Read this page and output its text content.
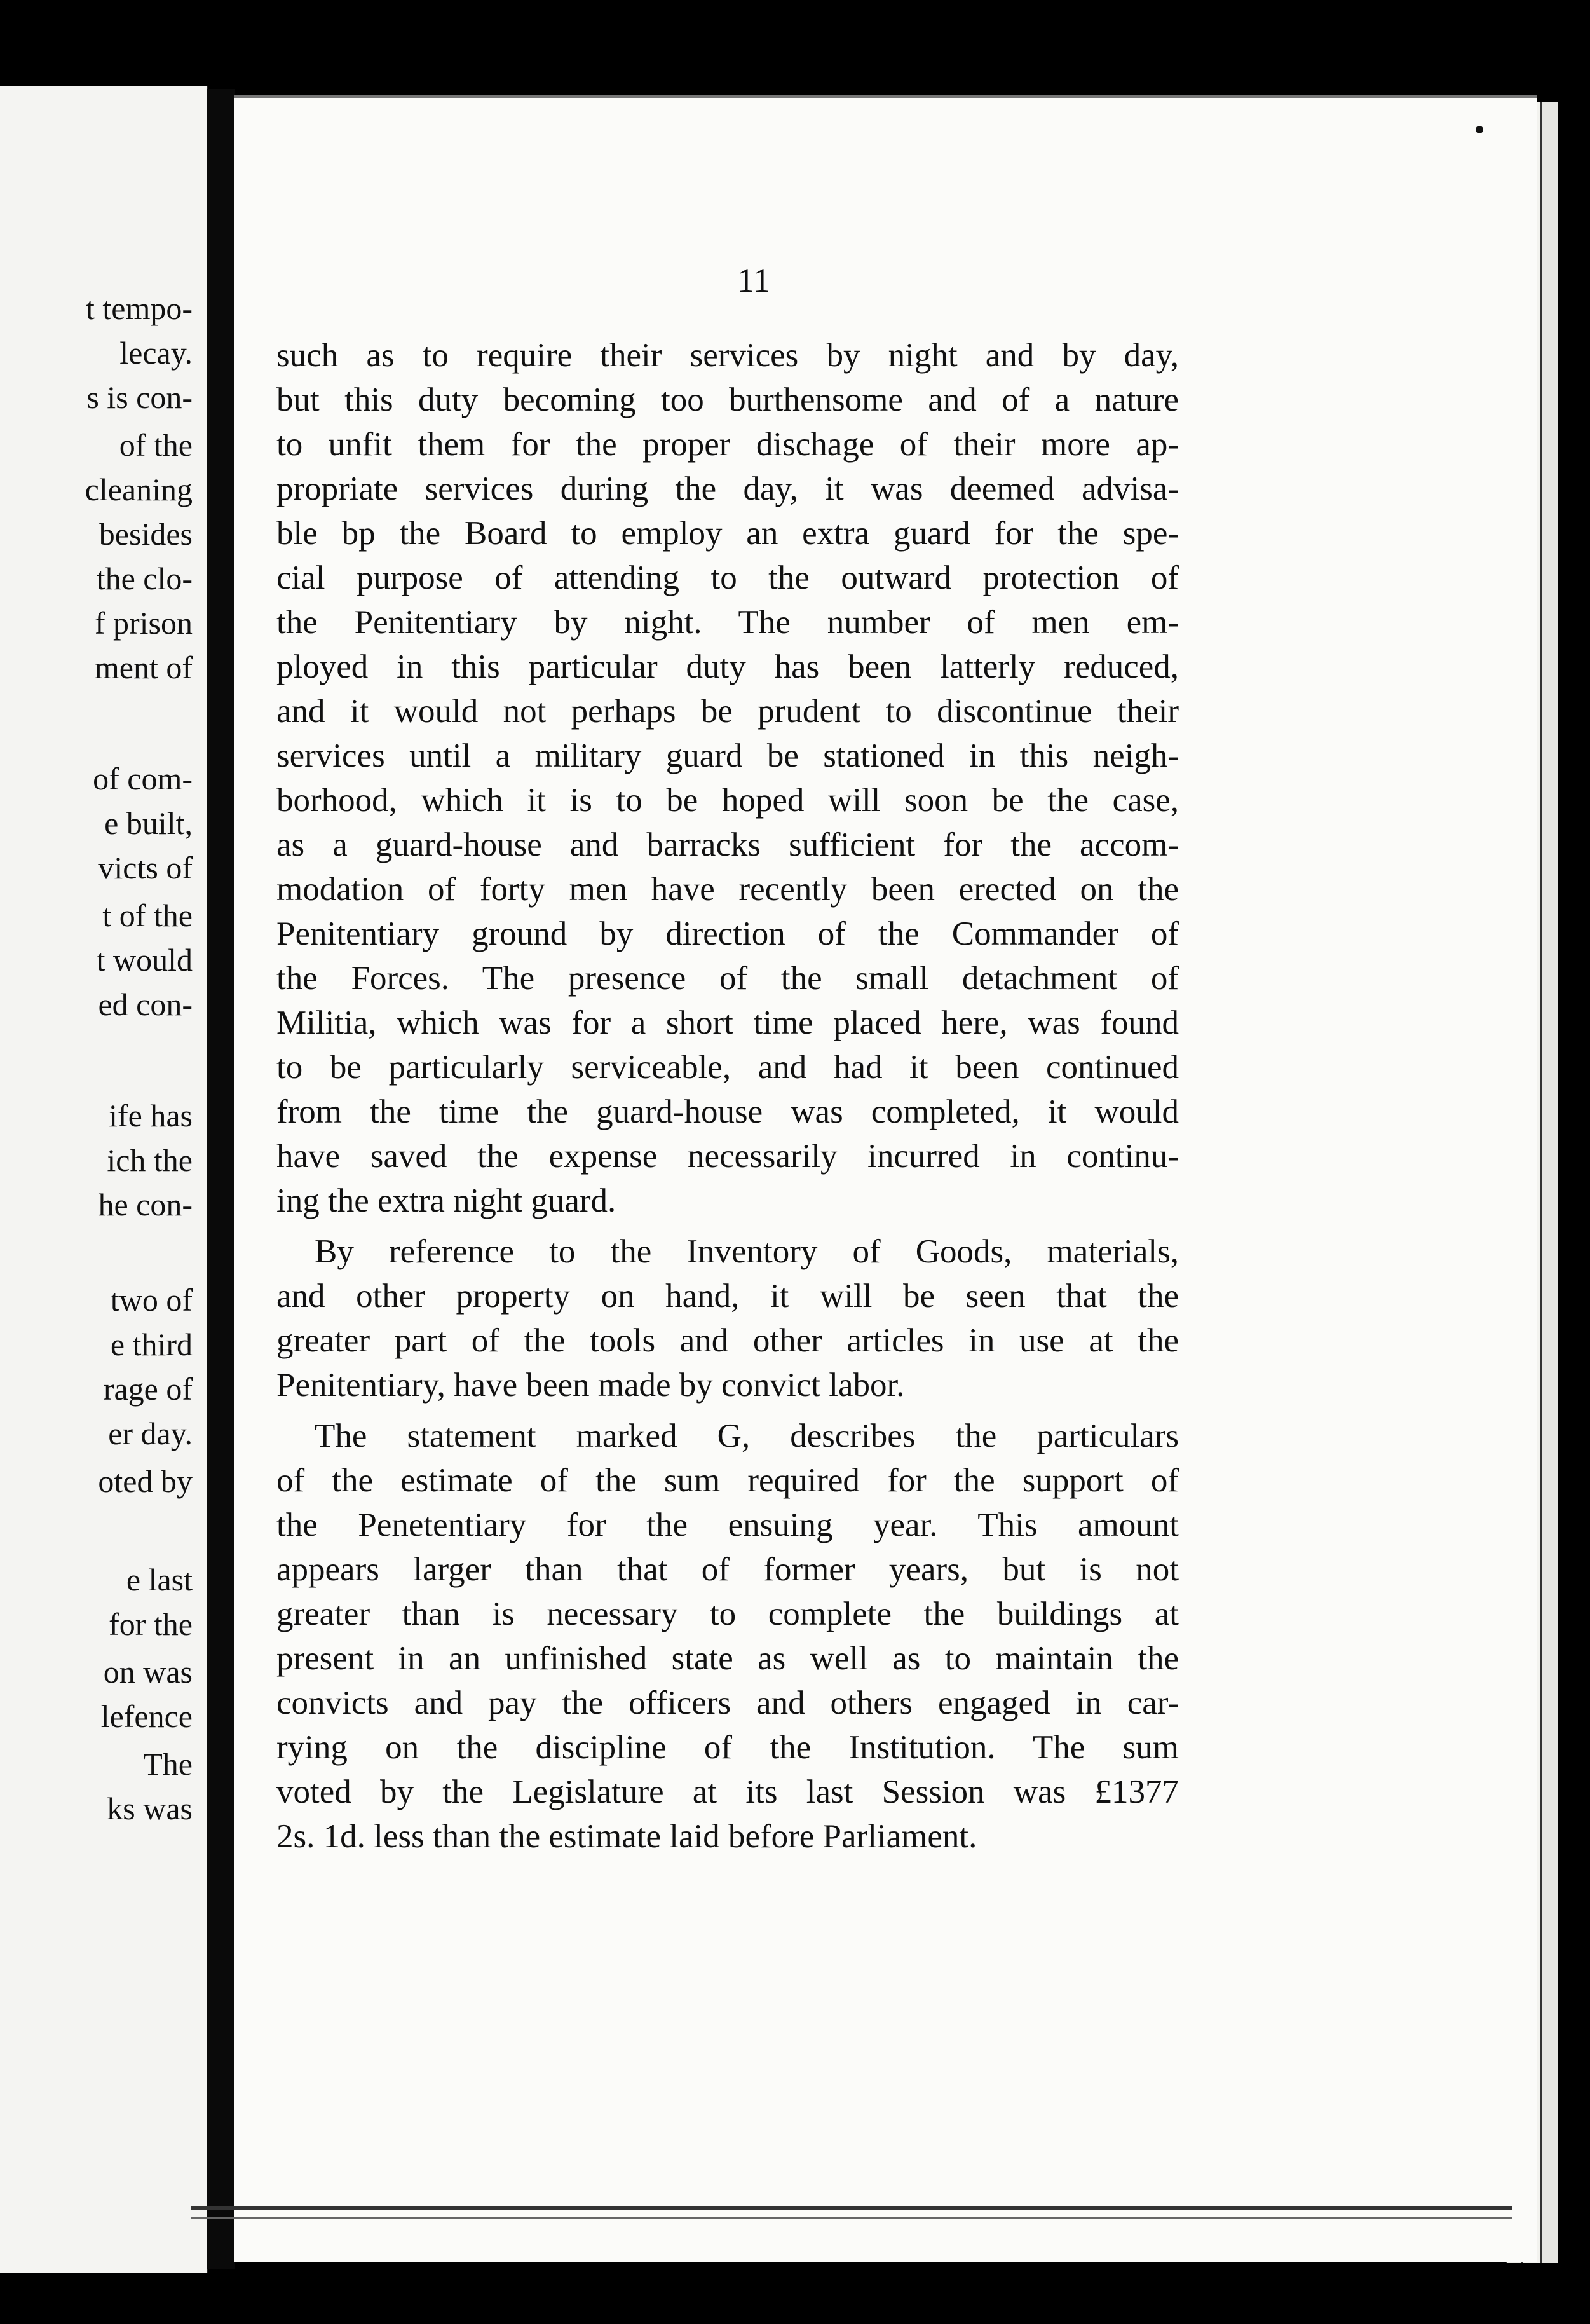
t tempo-
lecay.
s is con-
of the
cleaning
besides
the clo-
f prison
ment of
of com-
e built,
victs of
t of the
t would
ed con-
ife has
ich the
he con-
two of
e third
rage of
er day.
oted by
e last
for the
on was
lefence
The
ks was
11
such as to require their services by night and by day,
but this duty becoming too burthensome and of a nature
to unfit them for the proper dischage of their more ap-
propriate services during the day, it was deemed advisa-
ble bp the Board to employ an extra guard for the spe-
cial purpose of attending to the outward protection of
the Penitentiary by night. The number of men em-
ployed in this particular duty has been latterly reduced,
and it would not perhaps be prudent to discontinue their
services until a military guard be stationed in this neigh-
borhood, which it is to be hoped will soon be the case,
as a guard-house and barracks sufficient for the accom-
modation of forty men have recently been erected on the
Penitentiary ground by direction of the Commander of
the Forces. The presence of the small detachment of
Militia, which was for a short time placed here, was found
to be particularly serviceable, and had it been continued
from the time the guard-house was completed, it would
have saved the expense necessarily incurred in continu-
ing the extra night guard.
By reference to the Inventory of Goods, materials,
and other property on hand, it will be seen that the
greater part of the tools and other articles in use at the
Penitentiary, have been made by convict labor.
The statement marked G, describes the particulars
of the estimate of the sum required for the support of
the Penetentiary for the ensuing year. This amount
appears larger than that of former years, but is not
greater than is necessary to complete the buildings at
present in an unfinished state as well as to maintain the
convicts and pay the officers and others engaged in car-
rying on the discipline of the Institution. The sum
voted by the Legislature at its last Session was £1377
2s. 1d. less than the estimate laid before Parliament.
